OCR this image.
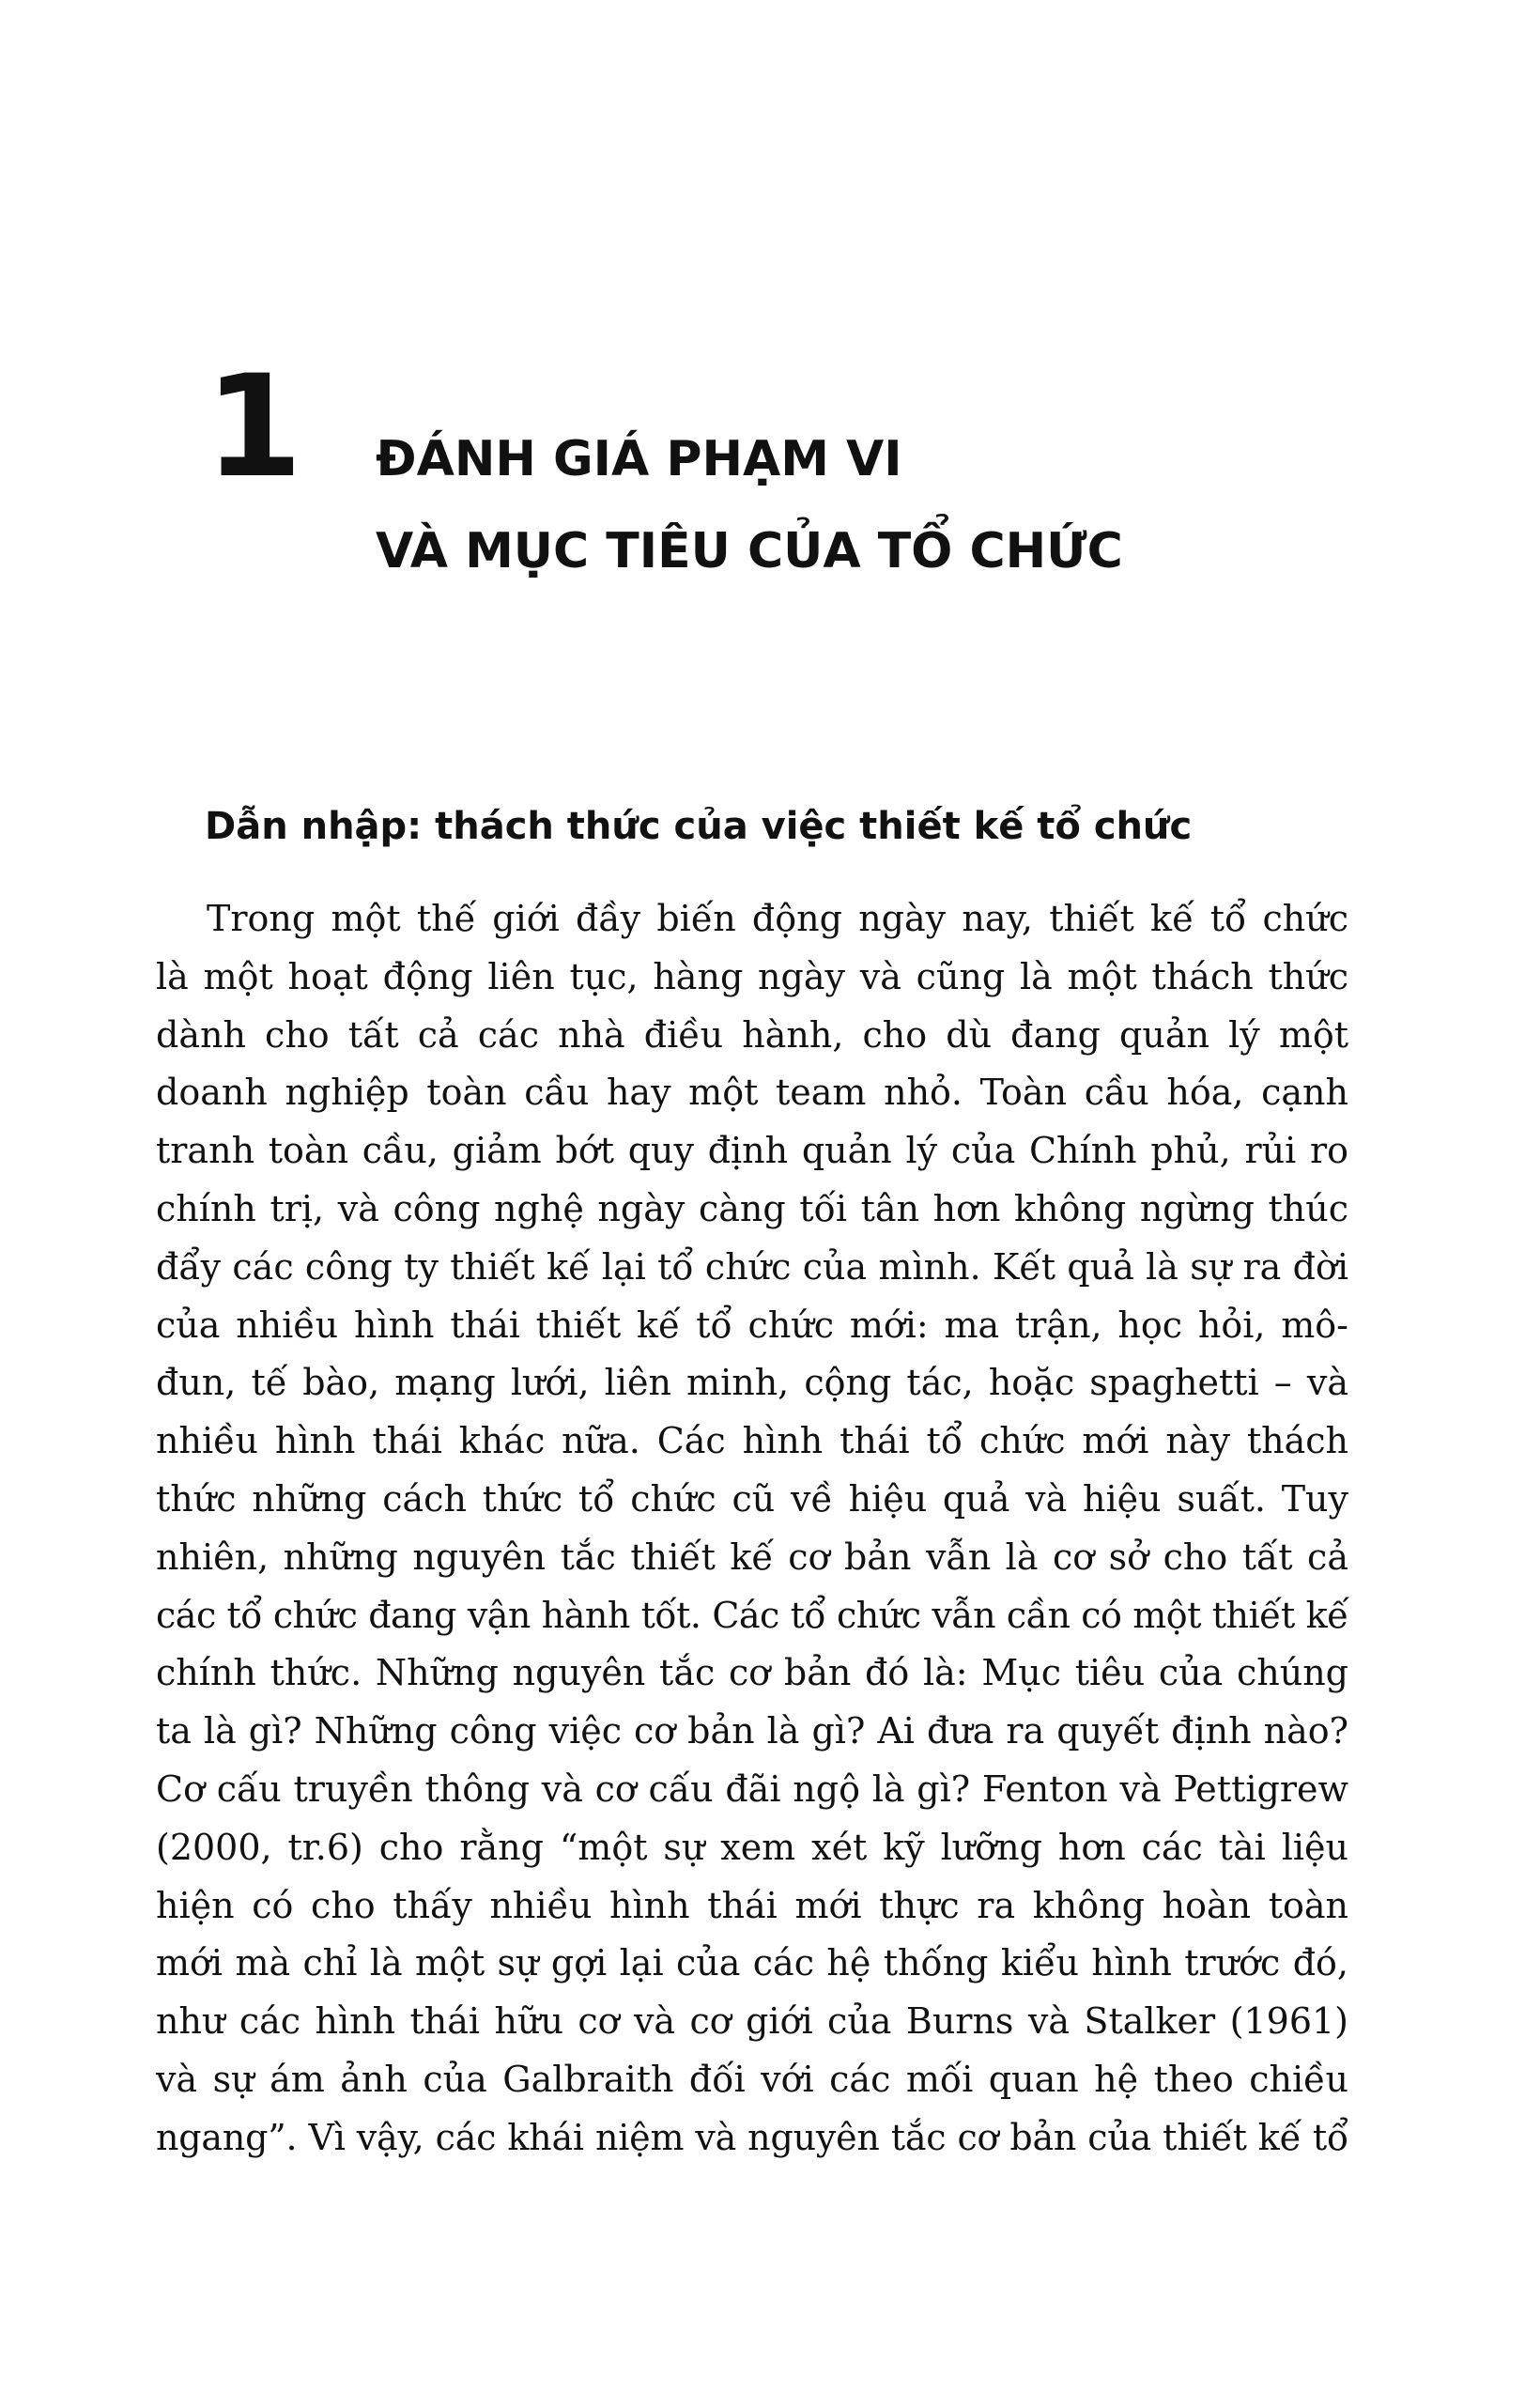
1 ĐÁNH GIÁ PHẠM VI
VÀ MỤC TIÊU CỦA TỔ CHỨC
Dẫn nhập: thách thức của việc thiết kế tổ chức

Trong một thế giới đầy biến động ngày nay, thiết kế tổ chức
là một hoạt động liên tục, hàng ngày và cũng là một thách thức
dành cho tất cả các nhà điều hành, cho dù đang quản lý một
doanh nghiệp toàn cầu hay một team nhỏ. Toàn cầu hóa, cạnh
tranh toàn cầu, giảm bớt quy định quản lý của Chính phủ, rủi ro
chính trị, và công nghệ ngày càng tối tân hơn không ngừng thúc
đẩy các công ty thiết kế lại tổ chức của mình. Kết quả là sự ra đời
của nhiều hình thái thiết kế tổ chức mới: ma trận, học hỏi, mô-
đun, tế bào, mạng lưới, liên minh, cộng tác, hoặc spaghetti – và
nhiều hình thái khác nữa. Các hình thái tổ chức mới này thách
thức những cách thức tổ chức cũ về hiệu quả và hiệu suất. Tuy
nhiên, những nguyên tắc thiết kế cơ bản vẫn là cơ sở cho tất cả
các tổ chức đang vận hành tốt. Các tổ chức vẫn cần có một thiết kế
chính thức. Những nguyên tắc cơ bản đó là: Mục tiêu của chúng
ta là gì? Những công việc cơ bản là gì? Ai đưa ra quyết định nào?
Cơ cấu truyền thông và cơ cấu đãi ngộ là gì? Fenton và Pettigrew
(2000, tr.6) cho rằng “một sự xem xét kỹ lưỡng hơn các tài liệu
hiện có cho thấy nhiều hình thái mới thực ra không hoàn toàn
mới mà chỉ là một sự gợi lại của các hệ thống kiểu hình trước đó,
như các hình thái hữu cơ và cơ giới của Burns và Stalker (1961)
và sự ám ảnh của Galbraith đối với các mối quan hệ theo chiều
ngang”. Vì vậy, các khái niệm và nguyên tắc cơ bản của thiết kế tổ
